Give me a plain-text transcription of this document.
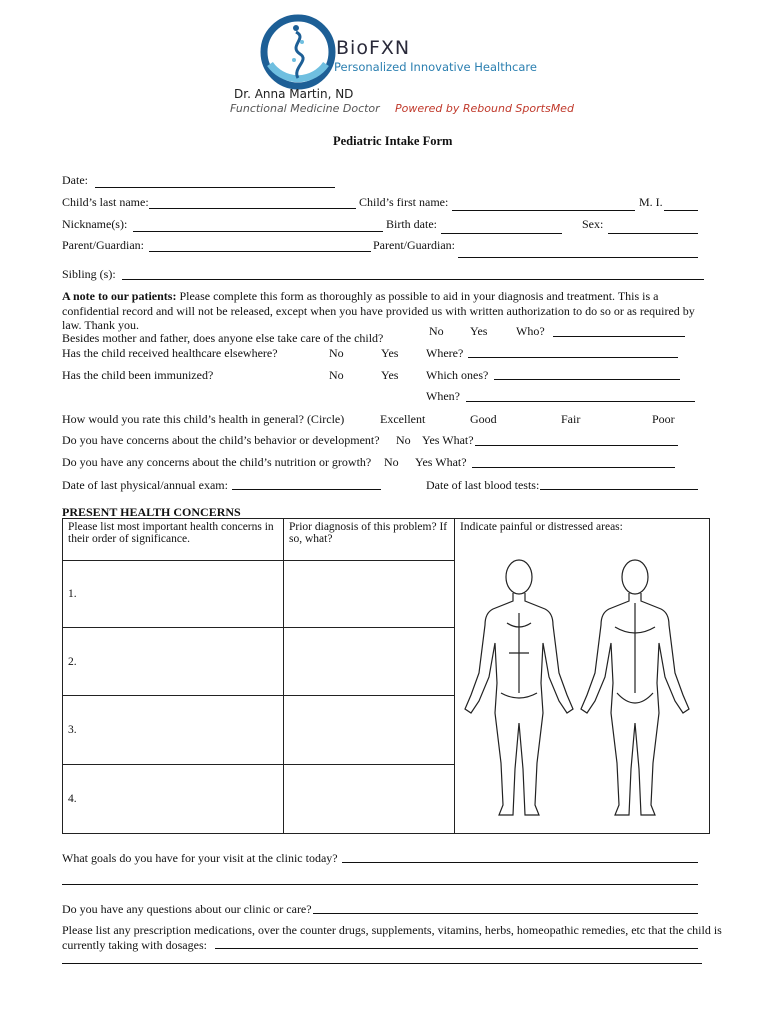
BioFXN
Personalized Innovative Healthcare
Dr. Anna Martin, ND
Functional Medicine Doctor Powered by Rebound SportsMed
Pediatric Intake Form
Date:
Child’s last name:	Child’s first name:	M. I.
Nickname(s):	Birth date:	Sex:
Parent/Guardian:	Parent/Guardian:
Sibling (s):
A note to our patients: Please complete this form as thoroughly as possible to aid in your diagnosis and treatment. This is a confidential record and will not be released, except when you have provided us with written authorization to do so or as required by law. Thank you.
Besides mother and father, does anyone else take care of the child?	No Yes Who?
Has the child received healthcare elsewhere?	No	Yes Where?
Has the child been immunized?	No	Yes Which ones?
When?
How would you rate this child’s health in general? (Circle)	Excellent	Good	Fair	Poor
Do you have concerns about the child’s behavior or development? No Yes What?
Do you have any concerns about the child’s nutrition or growth? No Yes What?
Date of last physical/annual exam:	Date of last blood tests:
PRESENT HEALTH CONCERNS
Please list most important health concerns in their order of significance.	Prior diagnosis of this problem? If so, what?	Indicate painful or distressed areas:

1.		
2.		
3.		
4.		
What goals do you have for your visit at the clinic today?
Do you have any questions about our clinic or care?
Please list any prescription medications, over the counter drugs, supplements, vitamins, herbs, homeopathic remedies, etc that the child is currently taking with dosages:
